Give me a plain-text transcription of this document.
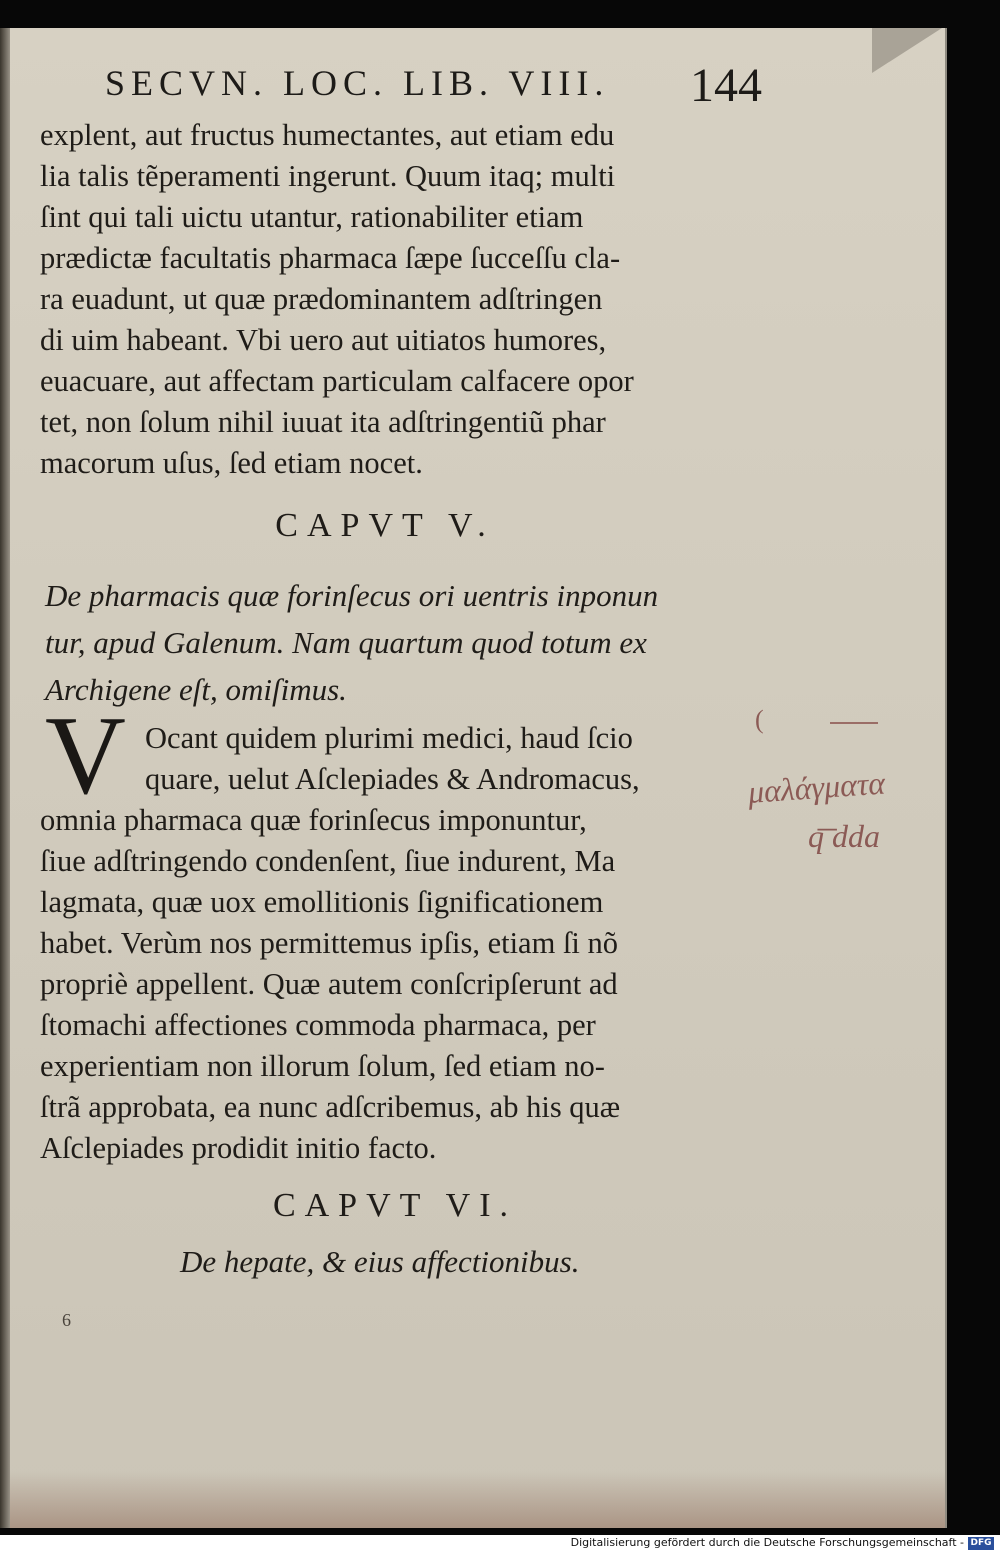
SECVN. LOC. LIB. VIII.	144
explent, aut fructus humectantes, aut etiam edu
lia talis tẽperamenti ingerunt. Quum itaq; multi
ſint qui tali uictu utantur, rationabiliter etiam
prædictæ facultatis pharmaca ſæpe ſucceſſu cla-
ra euadunt, ut quæ prædominantem adſtringen
di uim habeant. Vbi uero aut uitiatos humores,
euacuare, aut affectam particulam calfacere opor
tet, non ſolum nihil iuuat ita adſtringentiũ phar
macorum uſus, ſed etiam nocet.
CAPVT V.
De pharmacis quæ forinſecus ori uentris inponun
tur, apud Galenum. Nam quartum quod totum ex
Archigene eſt, omiſimus.
V Ocant quidem plurimi medici, haud ſcio
quare, uelut Aſclepiades & Andromacus,
omnia pharmaca quæ forinſecus imponuntur,
ſiue adſtringendo condenſent, ſiue indurent, Ma
lagmata, quæ uox emollitionis ſignificationem
habet. Verùm nos permittemus ipſis, etiam ſi nõ
propriè appellent. Quæ autem conſcripſerunt ad
ſtomachi affectiones commoda pharmaca, per
experientiam non illorum ſolum, ſed etiam no-
ſtrã approbata, ea nunc adſcribemus, ab his quæ
Aſclepiades prodidit initio facto.
(
μαλάγματα
q͞ dda
CAPVT VI.
De hepate, & eius affectionibus.
6
Digitalisierung gefördert durch die Deutsche Forschungsgemeinschaft - DFG
